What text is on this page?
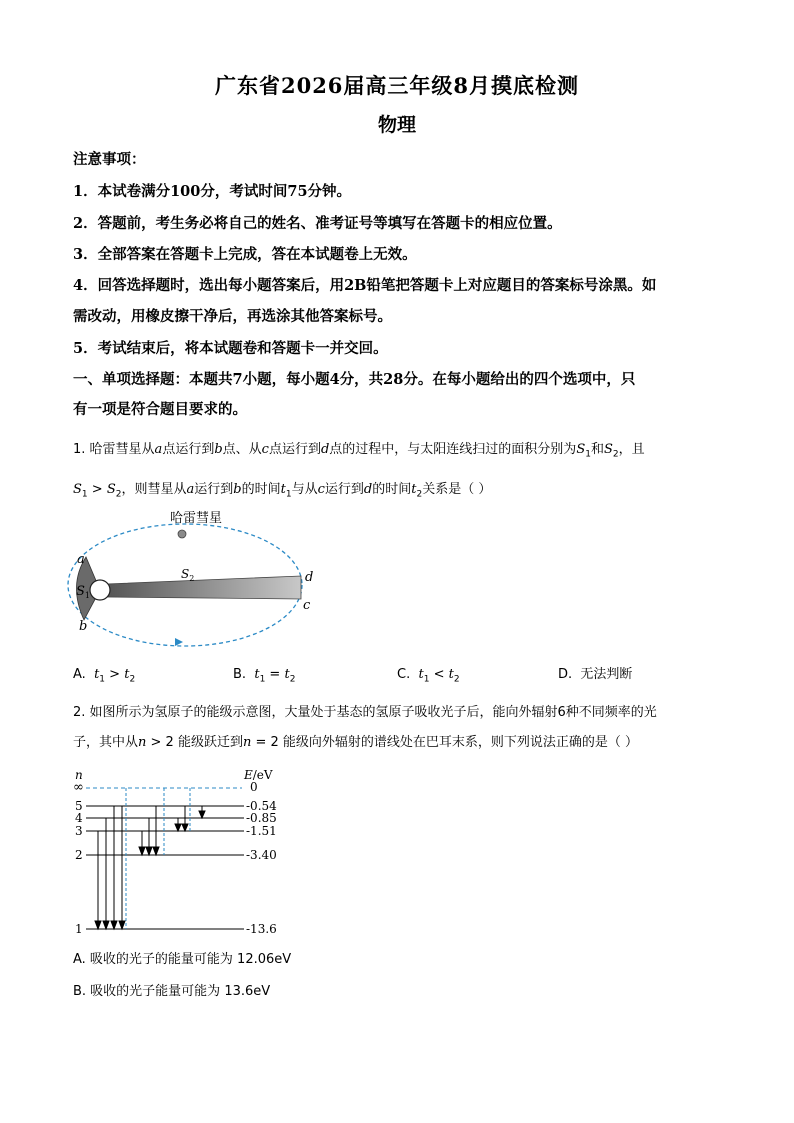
广东省2026届高三年级8月摸底检测
物理
注意事项：
1．本试卷满分100分，考试时间75分钟。
2．答题前，考生务必将自己的姓名、准考证号等填写在答题卡的相应位置。
3．全部答案在答题卡上完成，答在本试题卷上无效。
4．回答选择题时，选出每小题答案后，用2B铅笔把答题卡上对应题目的答案标号涂黑。如
需改动，用橡皮擦干净后，再选涂其他答案标号。
5．考试结束后，将本试题卷和答题卡一并交回。
一、单项选择题：本题共7小题，每小题4分，共28分。在每小题给出的四个选项中，只
有一项是符合题目要求的。
1. 哈雷彗星从a点运行到b点、从c点运行到d点的过程中，与太阳连线扫过的面积分别为$S_1$和$S_2$，且
$S_1 > S_2$，则彗星从a运行到b的时间$t_1$与从c运行到d的时间$t_2$关系是（ ）
哈雷彗星
a
b
c
d
$S_1$
$S_2$
A. $t_1 > t_2$	B. $t_1 = t_2$	C. $t_1 < t_2$	D. 无法判断
2. 如图所示为氢原子的能级示意图，大量处于基态的氢原子吸收光子后，能向外辐射6种不同频率的光
子，其中从n > 2 能级跃迁到n = 2 能级向外辐射的谱线处在巴耳末系，则下列说法正确的是（ ）
n	E/eV
∞	0
5
4
3
2
1
-0.54
-0.85
-1.51
-3.40
-13.6
A. 吸收的光子的能量可能为 12.06eV
B. 吸收的光子能量可能为 13.6eV
